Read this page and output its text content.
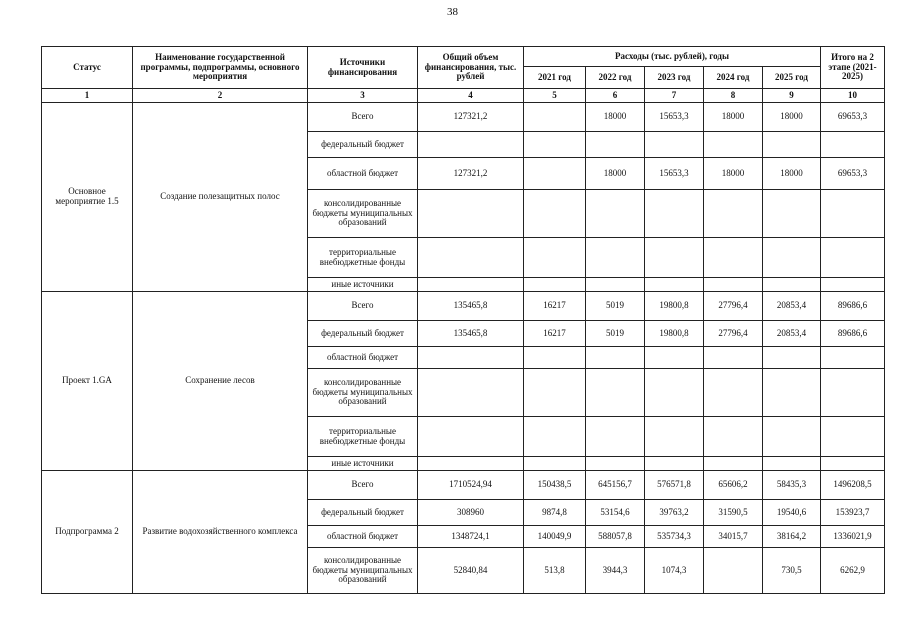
38
Статус	Наименование государственной программы, подпрограммы, основного мероприятия	Источники финансирования	Общий объем финансирования, тыс. рублей	Расходы (тыс. рублей), годы					Итого на 2 этапе (2021-2025)
				2021 год	2022 год	2023 год	2024 год	2025 год	
1	2	3	4	5	6	7	8	9	10
Основное мероприятие 1.5	Создание полезащитных полос	Всего	127321,2		18000	15653,3	18000	18000	69653,3
		федеральный бюджет							
		областной бюджет	127321,2		18000	15653,3	18000	18000	69653,3
		консолидированные бюджеты муниципальных образований							
		территориальные внебюджетные фонды							
		иные источники							
Проект 1.GA	Сохранение лесов	Всего	135465,8	16217	5019	19800,8	27796,4	20853,4	89686,6
		федеральный бюджет	135465,8	16217	5019	19800,8	27796,4	20853,4	89686,6
		областной бюджет							
		консолидированные бюджеты муниципальных образований							
		территориальные внебюджетные фонды							
		иные источники							
Подпрограмма 2	Развитие водохозяйственного комплекса	Всего	1710524,94	150438,5	645156,7	576571,8	65606,2	58435,3	1496208,5
		федеральный бюджет	308960	9874,8	53154,6	39763,2	31590,5	19540,6	153923,7
		областной бюджет	1348724,1	140049,9	588057,8	535734,3	34015,7	38164,2	1336021,9
		консолидированные бюджеты муниципальных образований	52840,84	513,8	3944,3	1074,3		730,5	6262,9
